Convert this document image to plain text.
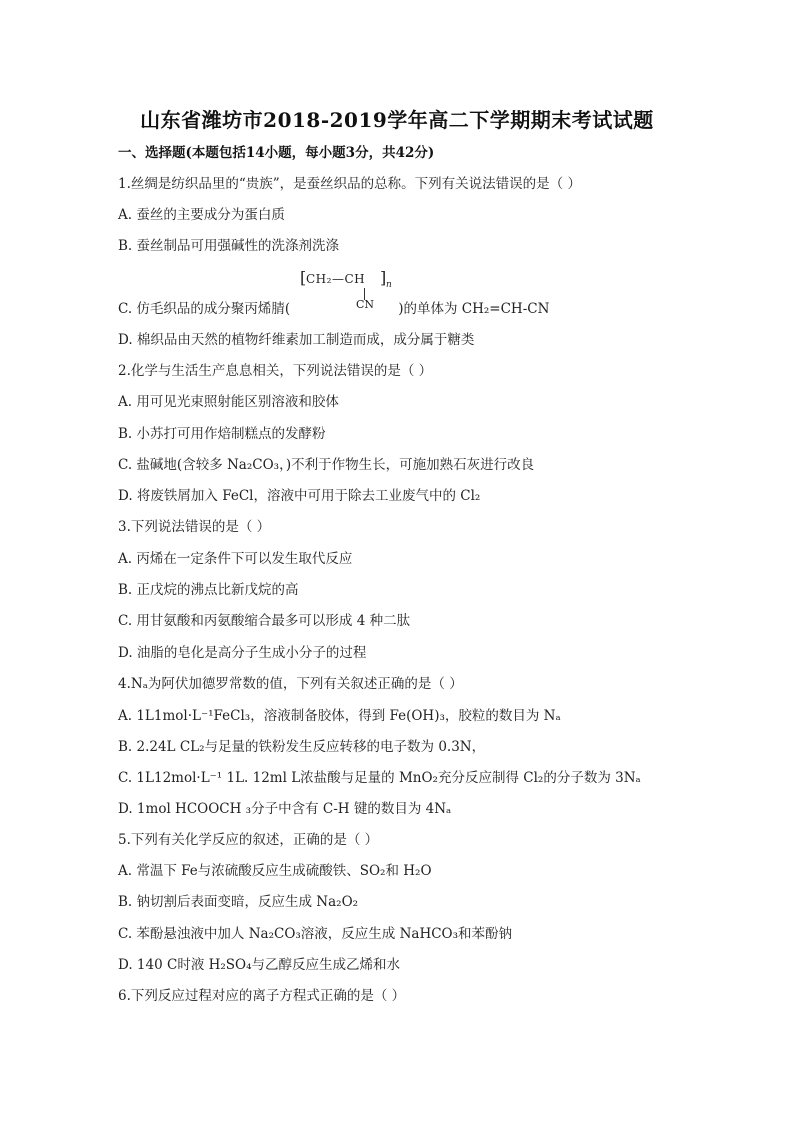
山东省潍坊市2018-2019学年高二下学期期末考试试题
一、选择题(本题包括14小题，每小题3分，共42分)
1.丝绸是纺织品里的“贵族”，是蚕丝织品的总称。下列有关说法错误的是（ ）
A. 蚕丝的主要成分为蛋白质
B. 蚕丝制品可用强碱性的洗涤剂洗涤
[ CH₂—CH ] n
CN
C. 仿毛织品的成分聚丙烯腈(	)的单体为 CH₂=CH-CN
D. 棉织品由天然的植物纤维素加工制造而成，成分属于糖类
2.化学与生活生产息息相关，下列说法错误的是（ ）
A. 用可见光束照射能区别溶液和胶体
B. 小苏打可用作焙制糕点的发酵粉
C. 盐碱地(含较多 Na₂CO₃，)不利于作物生长，可施加熟石灰进行改良
D. 将废铁屑加入 FeCl，溶液中可用于除去工业废气中的 Cl₂
3.下列说法错误的是（ ）
A. 丙烯在一定条件下可以发生取代反应
B. 正戊烷的沸点比新戊烷的高
C. 用甘氨酸和丙氨酸缩合最多可以形成 4 种二肽
D. 油脂的皂化是高分子生成小分子的过程
4.Nₐ为阿伏加德罗常数的值，下列有关叙述正确的是（ ）
A. 1L1mol·L⁻¹FeCl₃，溶液制备胶体，得到 Fe(OH)₃，胶粒的数目为 Nₐ
B. 2.24L CL₂与足量的铁粉发生反应转移的电子数为 0.3N，
C. 1L12mol·L⁻¹ 1L. 12ml L浓盐酸与足量的 MnO₂充分反应制得 Cl₂的分子数为 3Nₐ
D. 1mol HCOOCH ₃分子中含有 C-H 键的数目为 4Nₐ
5.下列有关化学反应的叙述，正确的是（ ）
A. 常温下 Fe与浓硫酸反应生成硫酸铁、SO₂和 H₂O
B. 钠切割后表面变暗，反应生成 Na₂O₂
C. 苯酚悬浊液中加人 Na₂CO₃溶液，反应生成 NaHCO₃和苯酚钠
D. 140 C时液 H₂SO₄与乙醇反应生成乙烯和水
6.下列反应过程对应的离子方程式正确的是（ ）
